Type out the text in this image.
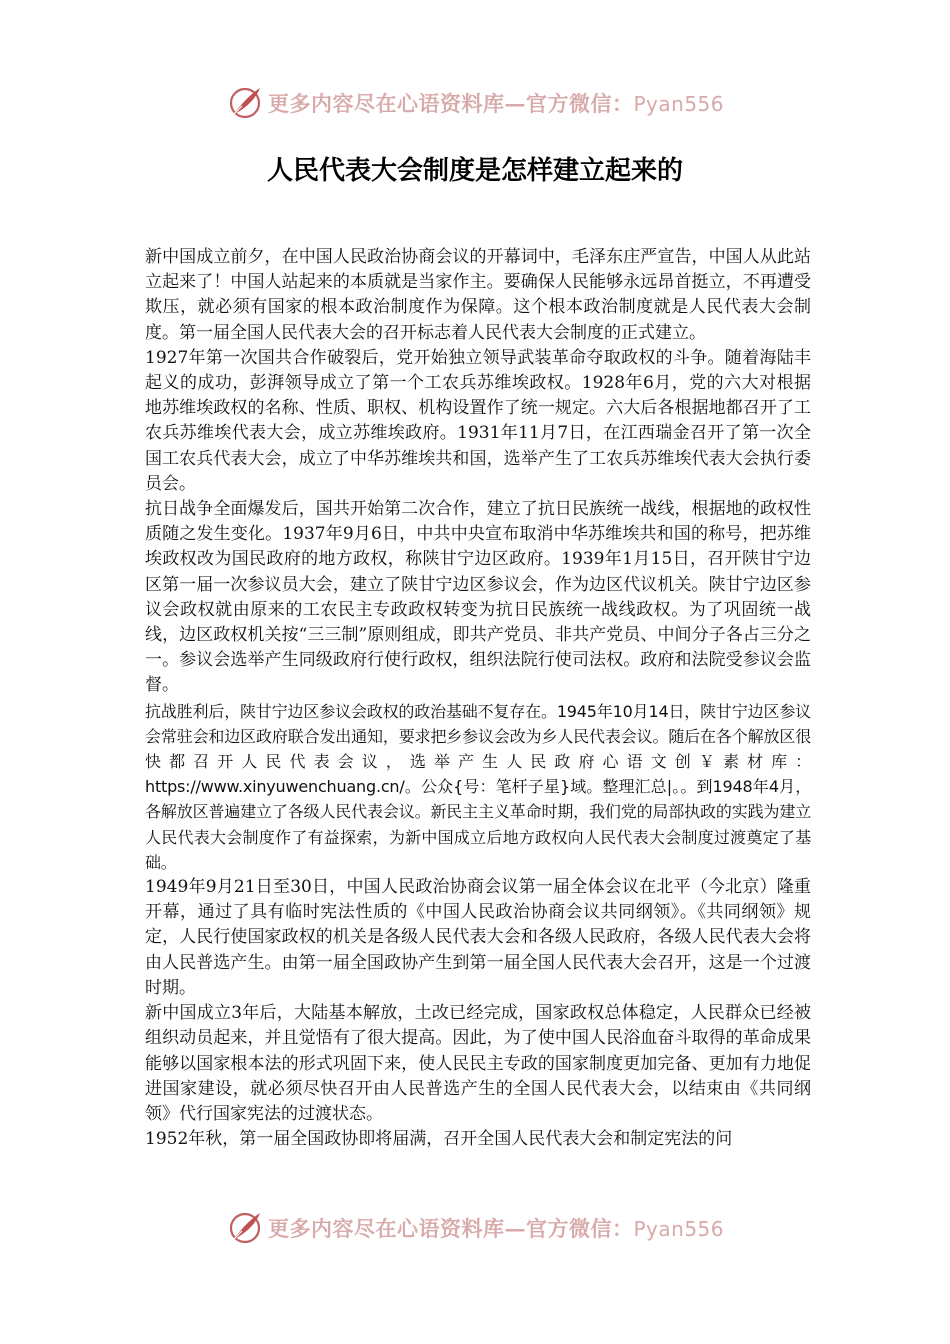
更多内容尽在心语资料库—官方微信：Pyan556
人民代表大会制度是怎样建立起来的

新中国成立前夕，在中国人民政治协商会议的开幕词中，毛泽东庄严宣告，中国人从此站立起来了！中国人站起来的本质就是当家作主。要确保人民能够永远昂首挺立，不再遭受欺压，就必须有国家的根本政治制度作为保障。这个根本政治制度就是人民代表大会制度。第一届全国人民代表大会的召开标志着人民代表大会制度的正式建立。

1927年第一次国共合作破裂后，党开始独立领导武装革命夺取政权的斗争。随着海陆丰起义的成功，彭湃领导成立了第一个工农兵苏维埃政权。1928年6月，党的六大对根据地苏维埃政权的名称、性质、职权、机构设置作了统一规定。六大后各根据地都召开了工农兵苏维埃代表大会，成立苏维埃政府。1931年11月7日，在江西瑞金召开了第一次全国工农兵代表大会，成立了中华苏维埃共和国，选举产生了工农兵苏维埃代表大会执行委员会。

抗日战争全面爆发后，国共开始第二次合作，建立了抗日民族统一战线，根据地的政权性质随之发生变化。1937年9月6日，中共中央宣布取消中华苏维埃共和国的称号，把苏维埃政权改为国民政府的地方政权，称陕甘宁边区政府。1939年1月15日，召开陕甘宁边区第一届一次参议员大会，建立了陕甘宁边区参议会，作为边区代议机关。陕甘宁边区参议会政权就由原来的工农民主专政政权转变为抗日民族统一战线政权。为了巩固统一战线，边区政权机关按“三三制”原则组成，即共产党员、非共产党员、中间分子各占三分之一。参议会选举产生同级政府行使行政权，组织法院行使司法权。政府和法院受参议会监督。

抗战胜利后，陕甘宁边区参议会政权的政治基础不复存在。1945年10月14日，陕甘宁边区参议会常驻会和边区政府联合发出通知，要求把乡参议会改为乡人民代表会议。随后在各个解放区很快都召开人民代表会议，选举产生人民政府心语文创￥素材库：https://www.xinyuwenchuang.cn/。公众{号：笔杆子星}域。整理汇总|。。到1948年4月，各解放区普遍建立了各级人民代表会议。新民主主义革命时期，我们党的局部执政的实践为建立人民代表大会制度作了有益探索，为新中国成立后地方政权向人民代表大会制度过渡奠定了基础。

1949年9月21日至30日，中国人民政治协商会议第一届全体会议在北平（今北京）隆重开幕，通过了具有临时宪法性质的《中国人民政治协商会议共同纲领》。《共同纲领》规定，人民行使国家政权的机关是各级人民代表大会和各级人民政府，各级人民代表大会将由人民普选产生。由第一届全国政协产生到第一届全国人民代表大会召开，这是一个过渡时期。

新中国成立3年后，大陆基本解放，土改已经完成，国家政权总体稳定，人民群众已经被组织动员起来，并且觉悟有了很大提高。因此，为了使中国人民浴血奋斗取得的革命成果能够以国家根本法的形式巩固下来，使人民民主专政的国家制度更加完备、更加有力地促进国家建设，就必须尽快召开由人民普选产生的全国人民代表大会，以结束由《共同纲领》代行国家宪法的过渡状态。

1952年秋，第一届全国政协即将届满，召开全国人民代表大会和制定宪法的问

更多内容尽在心语资料库—官方微信：Pyan556
